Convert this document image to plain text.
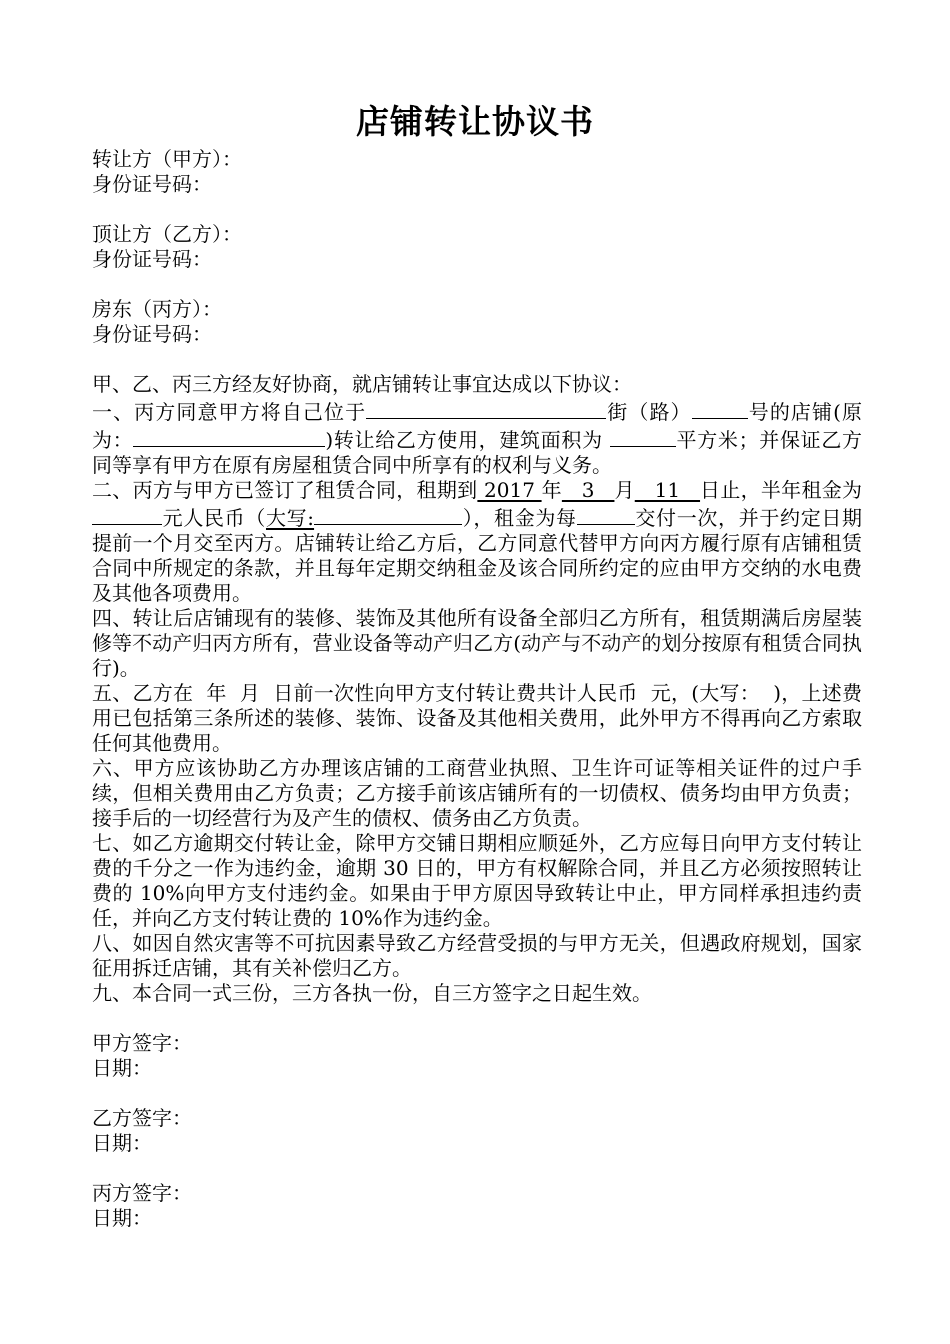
店铺转让协议书

转让方（甲方）：

身份证号码：

顶让方（乙方）：

身份证号码：

房东（丙方）：

身份证号码：

甲、乙、丙三方经友好协商，就店铺转让事宜达成以下协议：

一、丙方同意甲方将自己位于	街（路）	号的店铺(原为：	)转让给乙方使用，建筑面积为	平方米；并保证乙方同等享有甲方在原有房屋租赁合同中所享有的权利与义务。

二、丙方与甲方已签订了租赁合同，租期到 2017 年   3   月   11   日止，半年租金为元人民币（大写:	），租金为每	交付一次，并于约定日期提前一个月交至丙方。店铺转让给乙方后，乙方同意代替甲方向丙方履行原有店铺租赁合同中所规定的条款，并且每年定期交纳租金及该合同所约定的应由甲方交纳的水电费及其他各项费用。

四、转让后店铺现有的装修、装饰及其他所有设备全部归乙方所有，租赁期满后房屋装修等不动产归丙方所有，营业设备等动产归乙方(动产与不动产的划分按原有租赁合同执行)。

五、乙方在  年  月  日前一次性向甲方支付转让费共计人民币  元，(大写：  )，上述费用已包括第三条所述的装修、装饰、设备及其他相关费用，此外甲方不得再向乙方索取任何其他费用。

六、甲方应该协助乙方办理该店铺的工商营业执照、卫生许可证等相关证件的过户手续，但相关费用由乙方负责；乙方接手前该店铺所有的一切债权、债务均由甲方负责；接手后的一切经营行为及产生的债权、债务由乙方负责。

七、如乙方逾期交付转让金，除甲方交铺日期相应顺延外，乙方应每日向甲方支付转让费的千分之一作为违约金，逾期 30 日的，甲方有权解除合同，并且乙方必须按照转让费的 10%向甲方支付违约金。如果由于甲方原因导致转让中止，甲方同样承担违约责任，并向乙方支付转让费的 10%作为违约金。

八、如因自然灾害等不可抗因素导致乙方经营受损的与甲方无关，但遇政府规划，国家征用拆迁店铺，其有关补偿归乙方。

九、本合同一式三份，三方各执一份，自三方签字之日起生效。

甲方签字：
日期：
乙方签字：
日期：
丙方签字：
日期：
